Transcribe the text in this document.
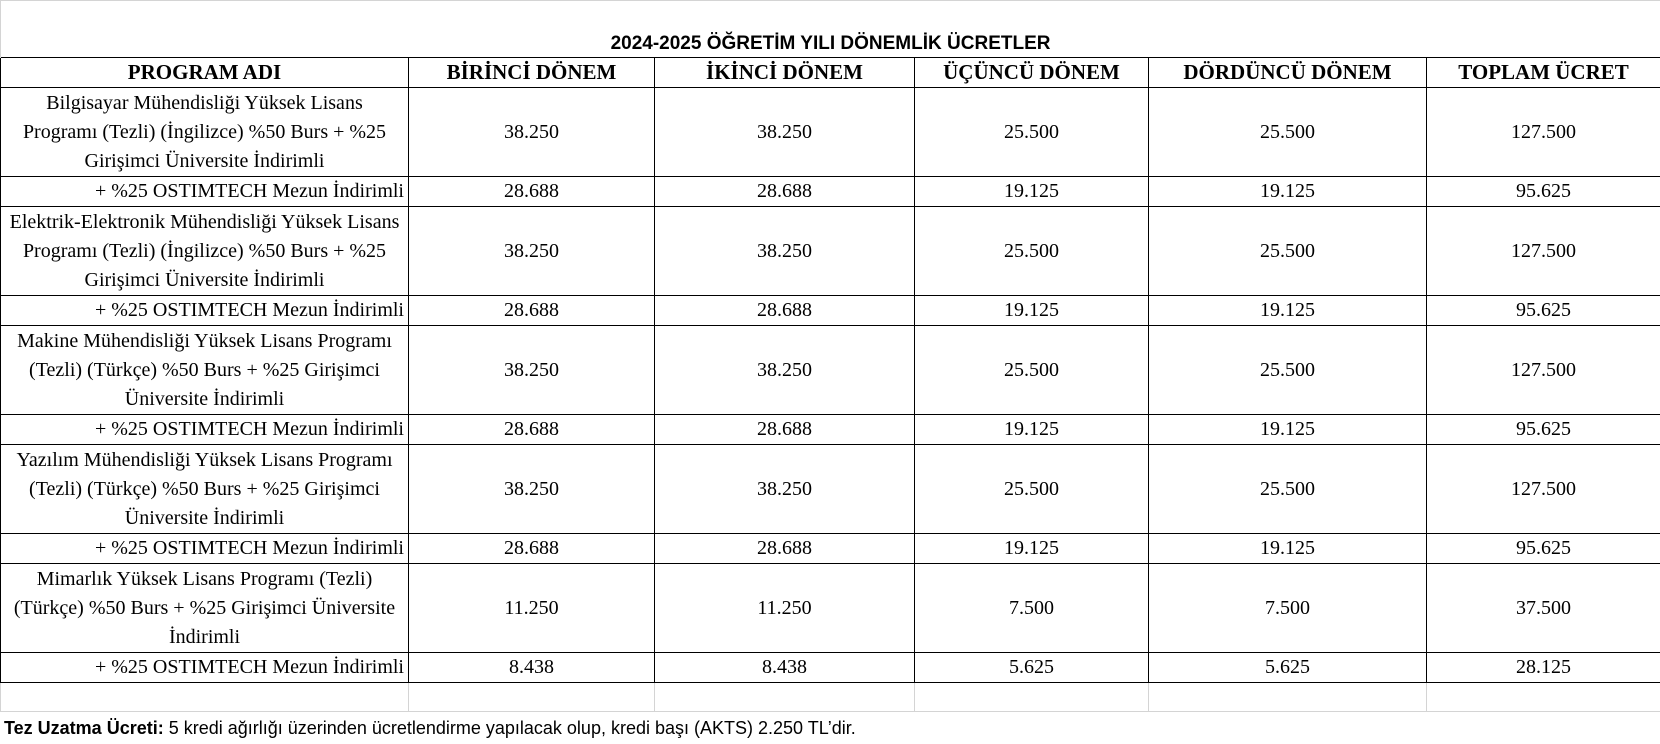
2024-2025 ÖĞRETİM YILI DÖNEMLİK ÜCRETLER					
PROGRAM ADI	BİRİNCİ DÖNEM	İKİNCİ DÖNEM	ÜÇÜNCÜ DÖNEM	DÖRDÜNCÜ DÖNEM	TOPLAM ÜCRET
Bilgisayar Mühendisliği Yüksek Lisans Programı (Tezli) (İngilizce) %50 Burs + %25 Girişimci Üniversite İndirimli	38.250	38.250	25.500	25.500	127.500
+ %25 OSTIMTECH Mezun İndirimli	28.688	28.688	19.125	19.125	95.625
Elektrik-Elektronik Mühendisliği Yüksek Lisans Programı (Tezli) (İngilizce) %50 Burs + %25 Girişimci Üniversite İndirimli	38.250	38.250	25.500	25.500	127.500
+ %25 OSTIMTECH Mezun İndirimli	28.688	28.688	19.125	19.125	95.625
Makine Mühendisliği Yüksek Lisans Programı (Tezli) (Türkçe) %50 Burs + %25 Girişimci Üniversite İndirimli	38.250	38.250	25.500	25.500	127.500
+ %25 OSTIMTECH Mezun İndirimli	28.688	28.688	19.125	19.125	95.625
Yazılım Mühendisliği Yüksek Lisans Programı (Tezli) (Türkçe) %50 Burs + %25 Girişimci Üniversite İndirimli	38.250	38.250	25.500	25.500	127.500
+ %25 OSTIMTECH Mezun İndirimli	28.688	28.688	19.125	19.125	95.625
Mimarlık Yüksek Lisans Programı (Tezli) (Türkçe) %50 Burs + %25 Girişimci Üniversite İndirimli	11.250	11.250	7.500	7.500	37.500
+ %25 OSTIMTECH Mezun İndirimli	8.438	8.438	5.625	5.625	28.125

Tez Uzatma Ücreti: 5 kredi ağırlığı üzerinden ücretlendirme yapılacak olup, kredi başı (AKTS) 2.250 TL’dir.
